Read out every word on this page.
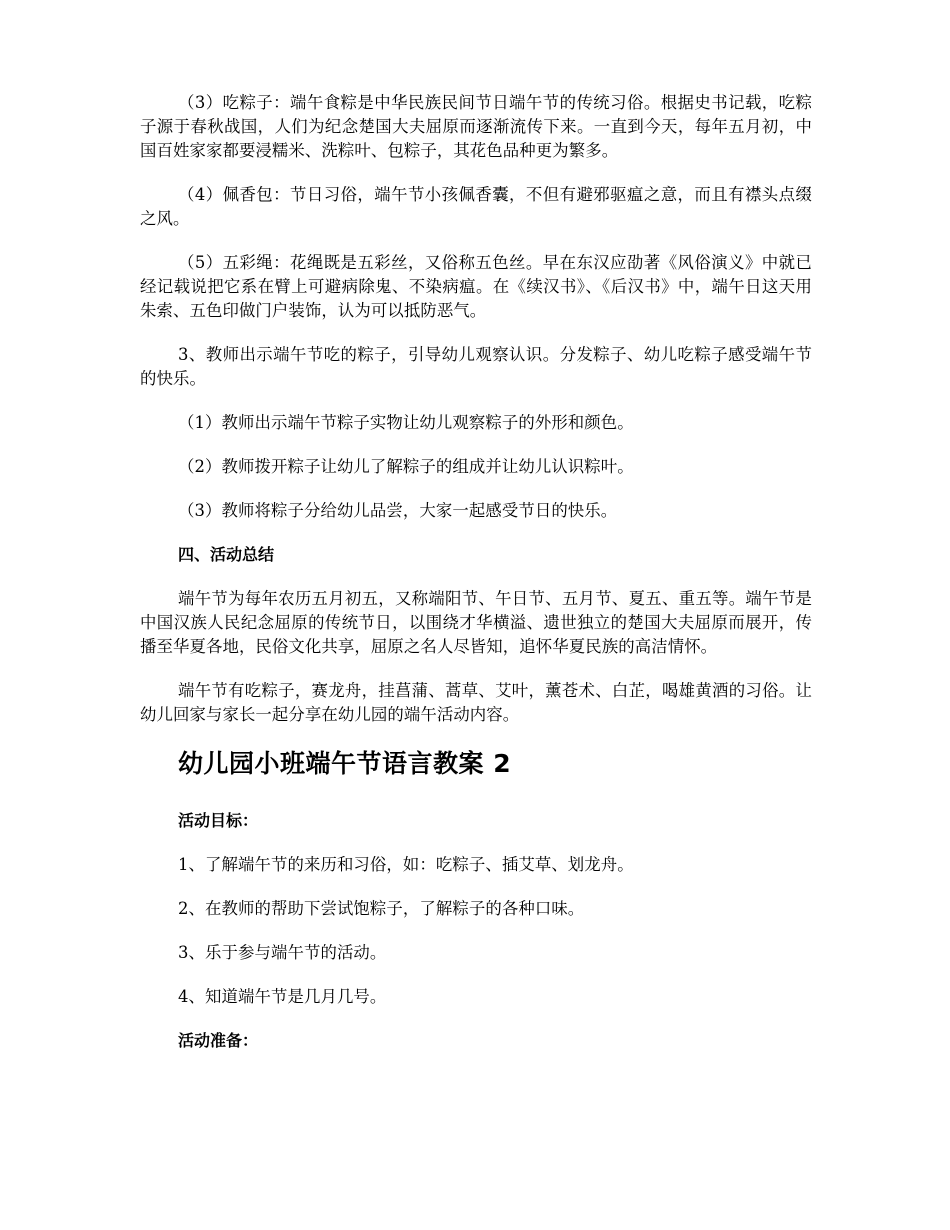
（3）吃粽子：端午食粽是中华民族民间节日端午节的传统习俗。根据史书记载，吃粽子源于春秋战国，人们为纪念楚国大夫屈原而逐渐流传下来。一直到今天，每年五月初，中国百姓家家都要浸糯米、洗粽叶、包粽子，其花色品种更为繁多。

（4）佩香包：节日习俗，端午节小孩佩香囊，不但有避邪驱瘟之意，而且有襟头点缀之风。

（5）五彩绳：花绳既是五彩丝，又俗称五色丝。早在东汉应劭著《风俗演义》中就已经记载说把它系在臂上可避病除鬼、不染病瘟。在《续汉书》、《后汉书》中，端午日这天用朱索、五色印做门户装饰，认为可以抵防恶气。

3、教师出示端午节吃的粽子，引导幼儿观察认识。分发粽子、幼儿吃粽子感受端午节的快乐。

（1）教师出示端午节粽子实物让幼儿观察粽子的外形和颜色。

（2）教师拨开粽子让幼儿了解粽子的组成并让幼儿认识粽叶。

（3）教师将粽子分给幼儿品尝，大家一起感受节日的快乐。

四、活动总结

端午节为每年农历五月初五，又称端阳节、午日节、五月节、夏五、重五等。端午节是中国汉族人民纪念屈原的传统节日，以围绕才华横溢、遗世独立的楚国大夫屈原而展开，传播至华夏各地，民俗文化共享，屈原之名人尽皆知，追怀华夏民族的高洁情怀。

端午节有吃粽子，赛龙舟，挂菖蒲、蒿草、艾叶，薰苍术、白芷，喝雄黄酒的习俗。让幼儿回家与家长一起分享在幼儿园的端午活动内容。

幼儿园小班端午节语言教案 2
活动目标：

1、了解端午节的来历和习俗，如：吃粽子、插艾草、划龙舟。

2、在教师的帮助下尝试饱粽子，了解粽子的各种口味。

3、乐于参与端午节的活动。

4、知道端午节是几月几号。

活动准备：
